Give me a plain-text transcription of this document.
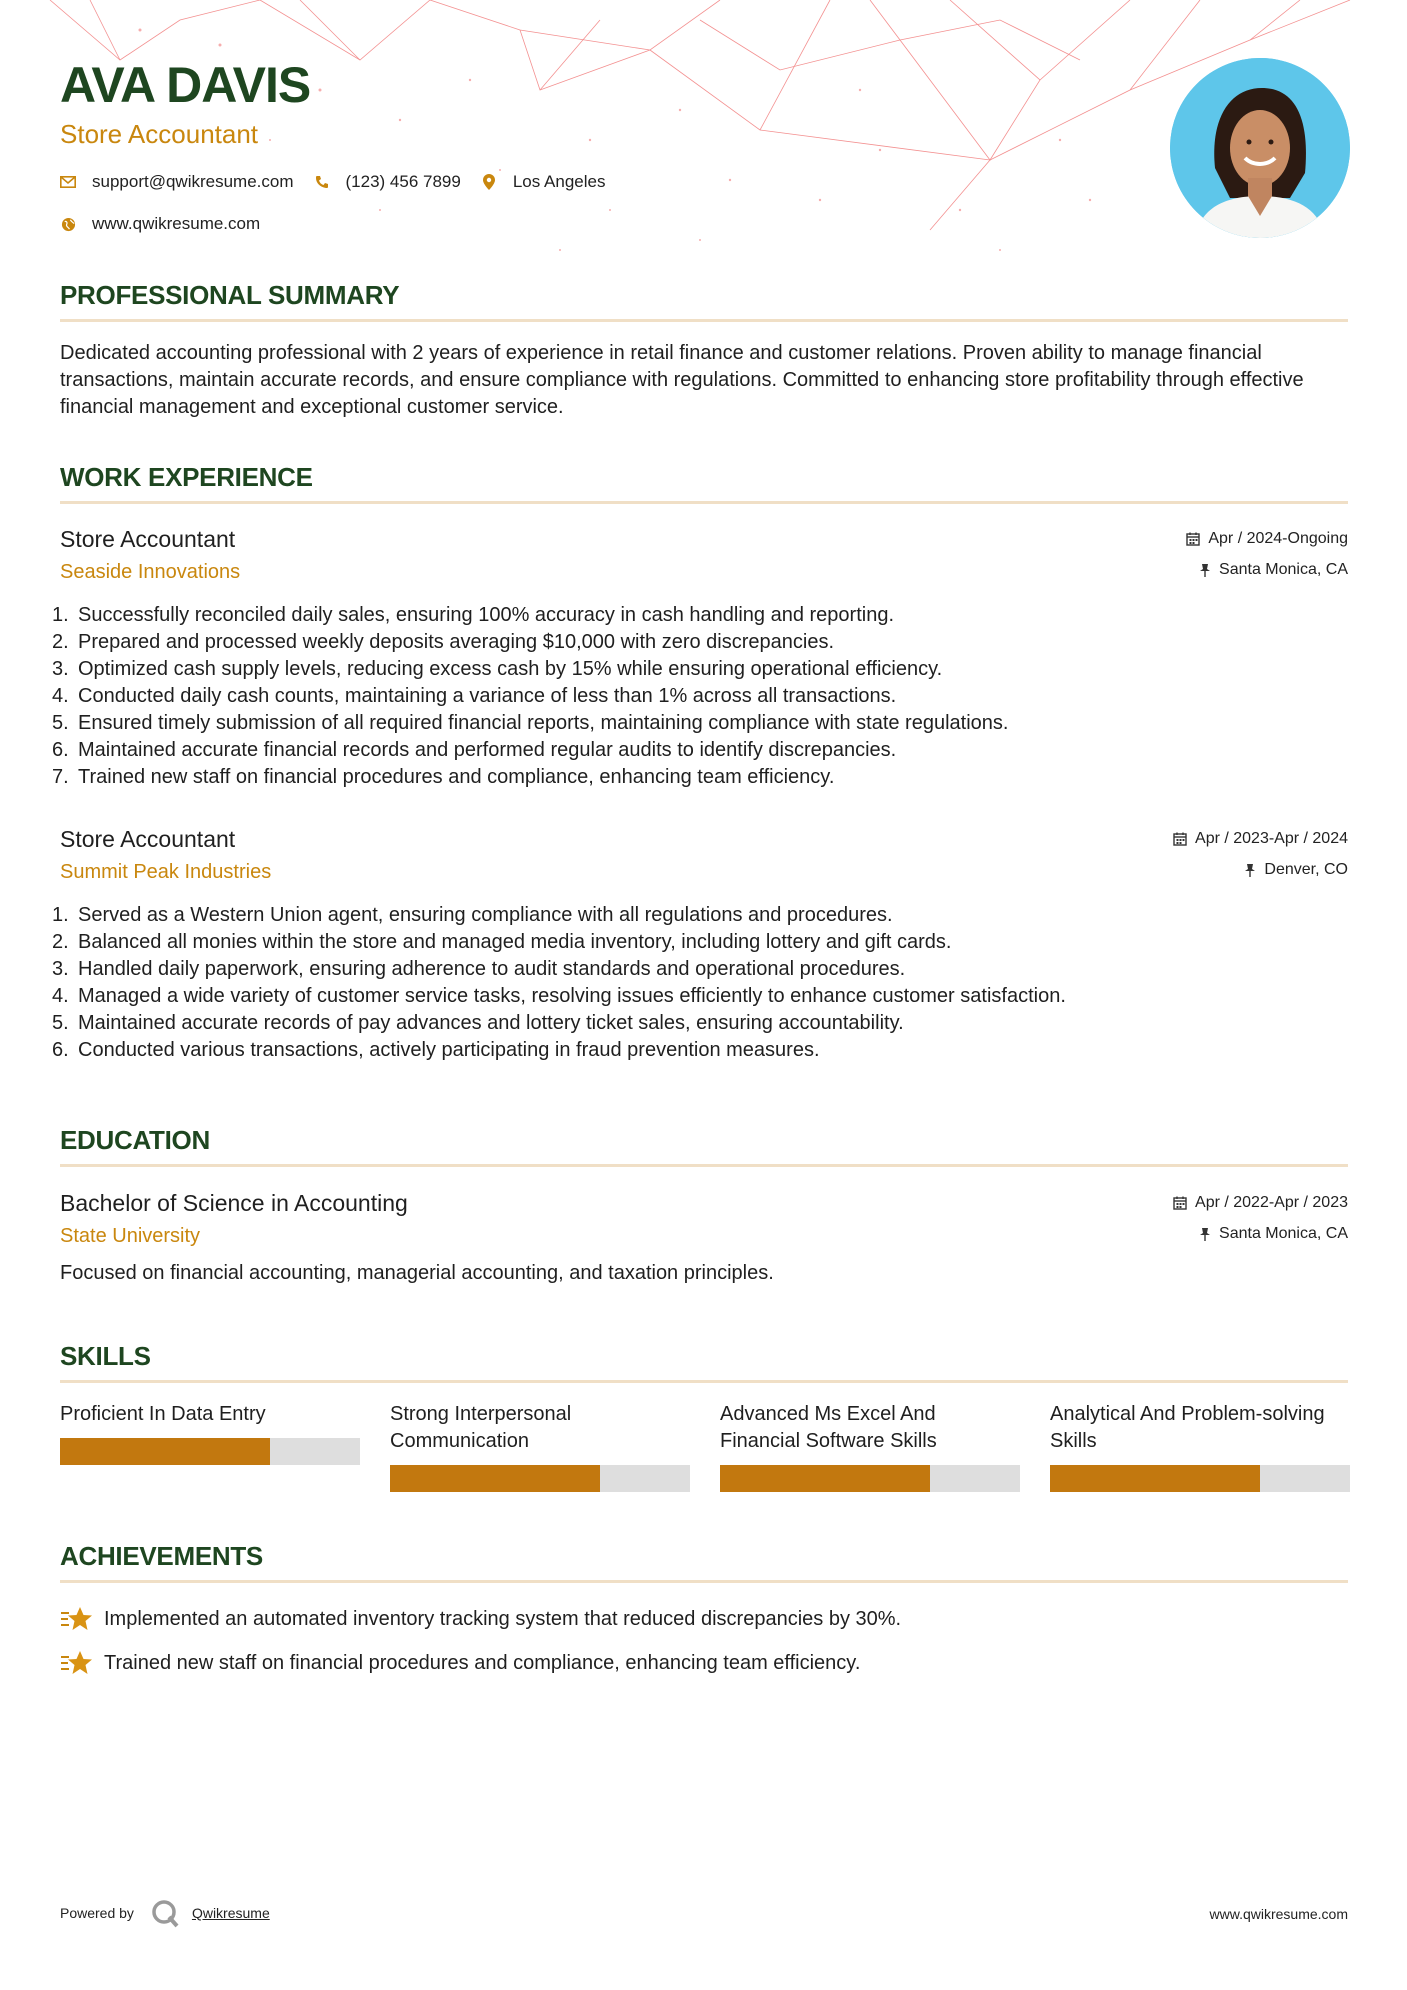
AVA DAVIS
Store Accountant
support@qwikresume.com	(123) 456 7899	Los Angeles
www.qwikresume.com
PROFESSIONAL SUMMARY
Dedicated accounting professional with 2 years of experience in retail finance and customer relations. Proven ability to manage financial transactions, maintain accurate records, and ensure compliance with regulations. Committed to enhancing store profitability through effective financial management and exceptional customer service.
WORK EXPERIENCE
Store Accountant
Seaside Innovations
Apr / 2024-Ongoing
Santa Monica, CA
1. Successfully reconciled daily sales, ensuring 100% accuracy in cash handling and reporting.
2. Prepared and processed weekly deposits averaging $10,000 with zero discrepancies.
3. Optimized cash supply levels, reducing excess cash by 15% while ensuring operational efficiency.
4. Conducted daily cash counts, maintaining a variance of less than 1% across all transactions.
5. Ensured timely submission of all required financial reports, maintaining compliance with state regulations.
6. Maintained accurate financial records and performed regular audits to identify discrepancies.
7. Trained new staff on financial procedures and compliance, enhancing team efficiency.
Store Accountant
Summit Peak Industries
Apr / 2023-Apr / 2024
Denver, CO
1. Served as a Western Union agent, ensuring compliance with all regulations and procedures.
2. Balanced all monies within the store and managed media inventory, including lottery and gift cards.
3. Handled daily paperwork, ensuring adherence to audit standards and operational procedures.
4. Managed a wide variety of customer service tasks, resolving issues efficiently to enhance customer satisfaction.
5. Maintained accurate records of pay advances and lottery ticket sales, ensuring accountability.
6. Conducted various transactions, actively participating in fraud prevention measures.
EDUCATION
Bachelor of Science in Accounting
State University
Apr / 2022-Apr / 2023
Santa Monica, CA
Focused on financial accounting, managerial accounting, and taxation principles.
SKILLS
Proficient In Data Entry	Strong Interpersonal Communication
Advanced Ms Excel And Financial Software Skills
Analytical And Problem-solving Skills
ACHIEVEMENTS
Implemented an automated inventory tracking system that reduced discrepancies by 30%.
Trained new staff on financial procedures and compliance, enhancing team efficiency.
Powered by	Qwikresume	www.qwikresume.com
